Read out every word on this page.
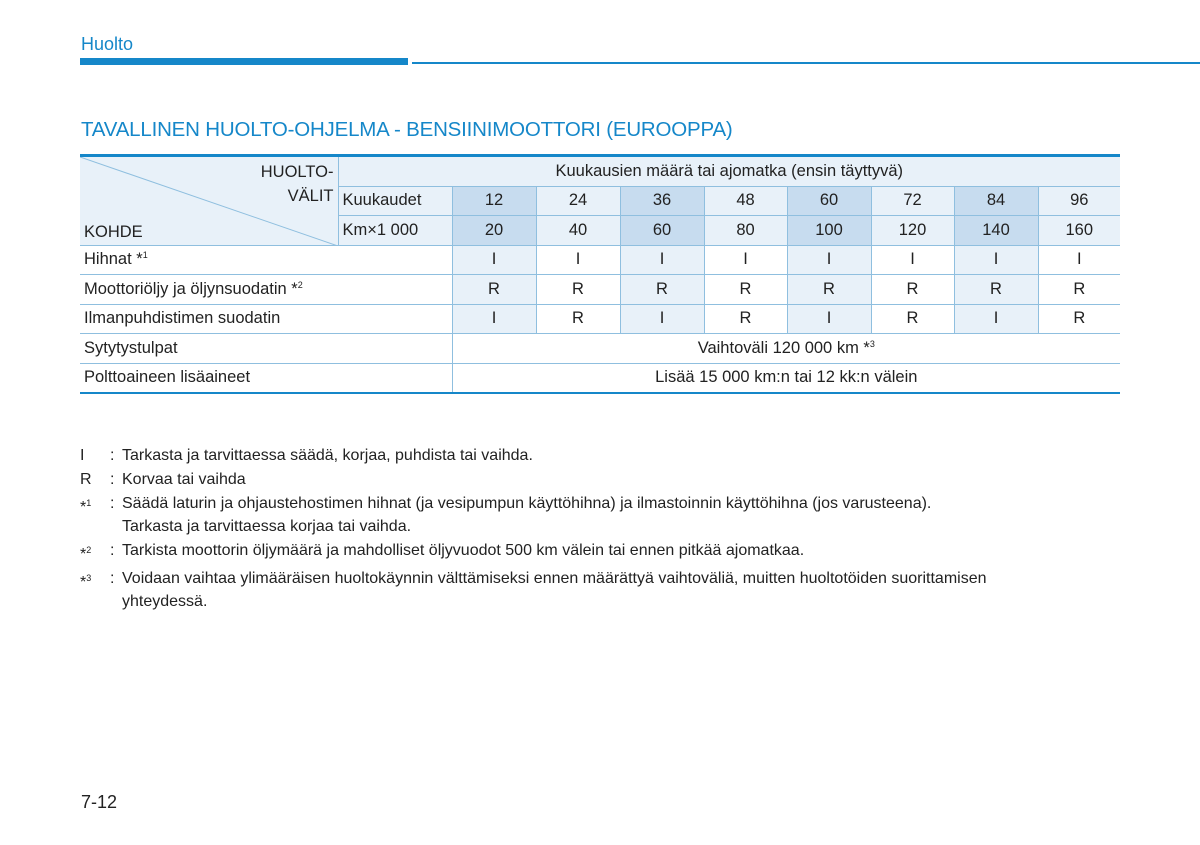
Huolto
TAVALLINEN HUOLTO-OHJELMA - BENSIINIMOOTTORI (EUROOPPA)
HUOLTO-
VÄLIT
KOHDE	Kuukausien määrä tai ajomatka (ensin täyttyvä)								
	Kuukaudet	12	24	36	48	60	72	84	96
	Km×1 000	20	40	60	80	100	120	140	160
Hihnat *$^1$		I	I	I	I	I	I	I	I
Moottoriöljy ja öljynsuodatin *$^2$		R	R	R	R	R	R	R	R
Ilmanpuhdistimen suodatin		I	R	I	R	I	R	I	R
Sytytystulpat		Vaihtoväli 120 000 km *$^3$
Polttoaineen lisäaineet		Lisää 15 000 km:n tai 12 kk:n välein							
I	: Tarkasta ja tarvittaessa säädä, korjaa, puhdista tai vaihda.
R	: Korvaa tai vaihda
*$^1$	: Säädä laturin ja ohjaustehostimen hihnat (ja vesipumpun käyttöhihna) ja ilmastoinnin käyttöhihna (jos varusteena).
Tarkasta ja tarvittaessa korjaa tai vaihda.
*$^2$	: Tarkista moottorin öljymäärä ja mahdolliset öljyvuodot 500 km välein tai ennen pitkää ajomatkaa.
*$^3$	: Voidaan vaihtaa ylimääräisen huoltokäynnin välttämiseksi ennen määrättyä vaihtoväliä, muitten huoltotöiden suorittamisen
yhteydessä.
7-12
